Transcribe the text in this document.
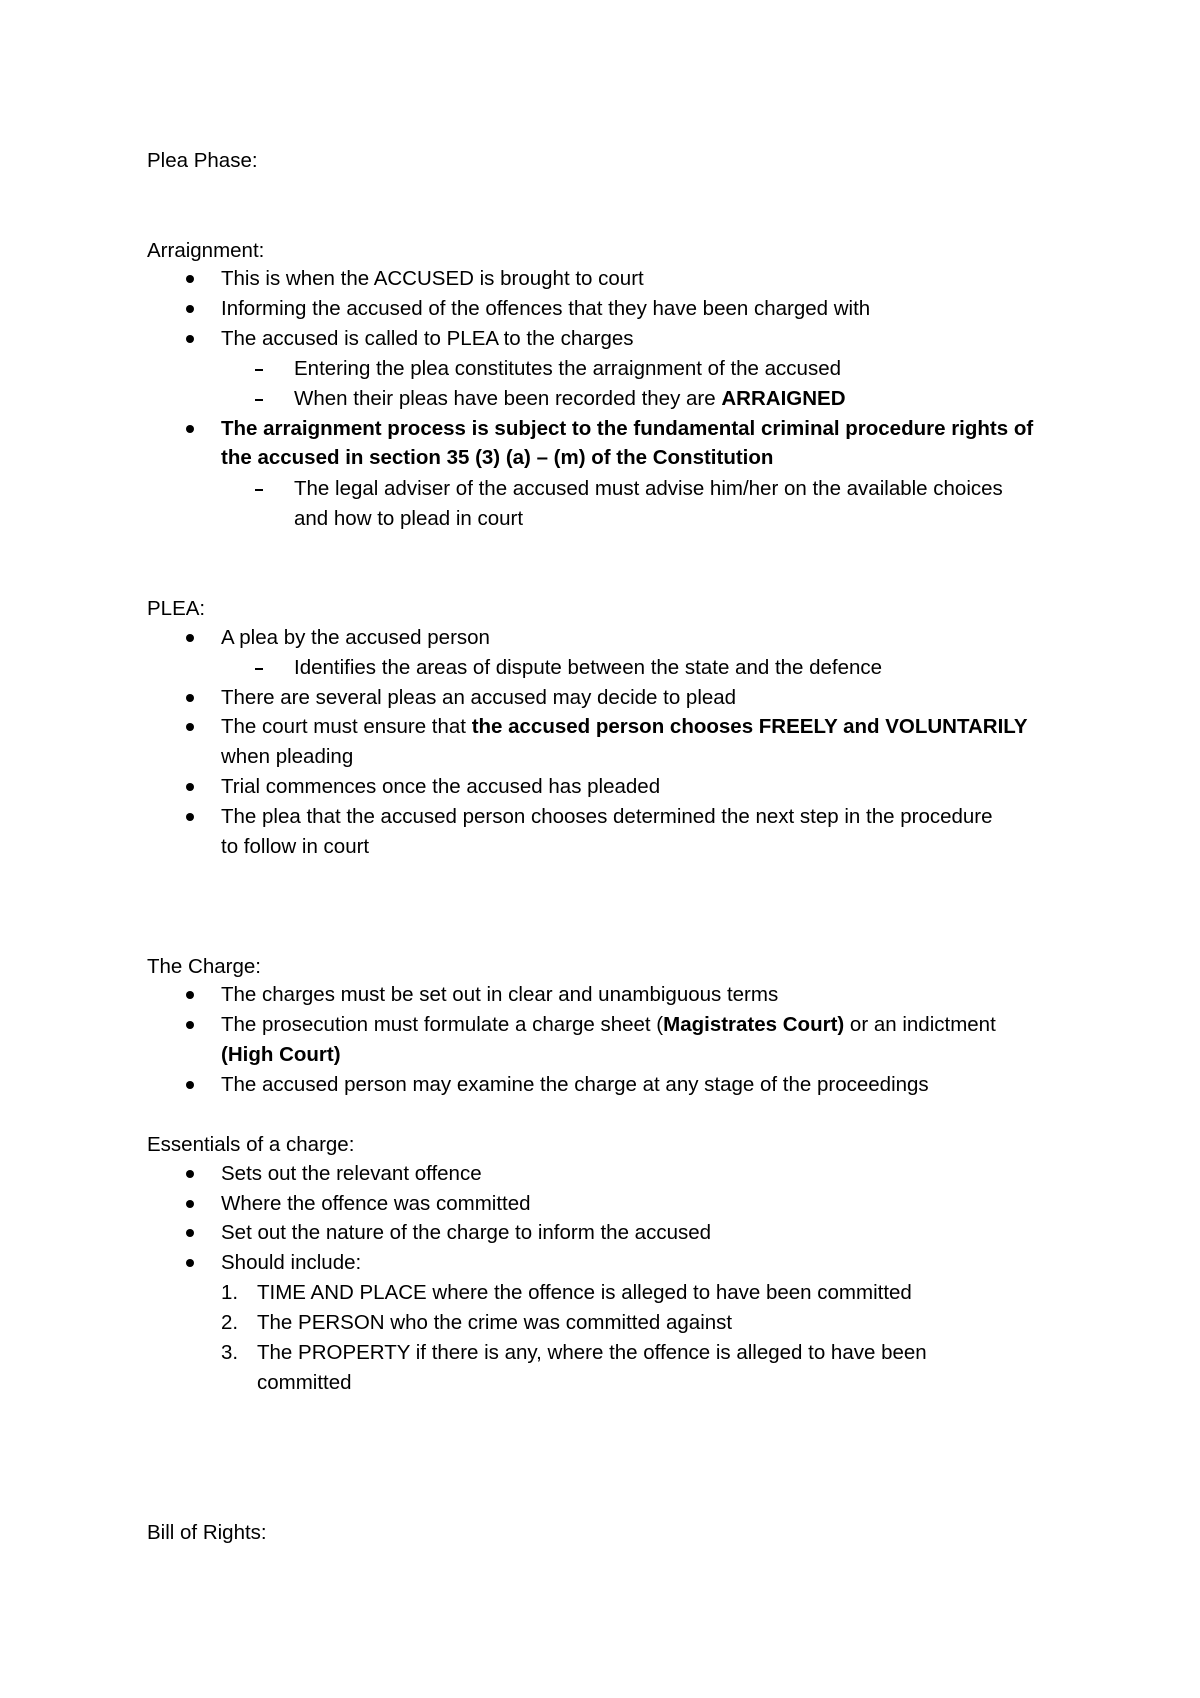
Plea Phase:
Arraignment:
This is when the ACCUSED is brought to court
Informing the accused of the offences that they have been charged with
The accused is called to PLEA to the charges
Entering the plea constitutes the arraignment of the accused
When their pleas have been recorded they are ARRAIGNED
The arraignment process is subject to the fundamental criminal procedure rights of
the accused in section 35 (3) (a) – (m) of the Constitution
The legal adviser of the accused must advise him/her on the available choices
and how to plead in court
PLEA:
A plea by the accused person
Identifies the areas of dispute between the state and the defence
There are several pleas an accused may decide to plead
The court must ensure that the accused person chooses FREELY and VOLUNTARILY
when pleading
Trial commences once the accused has pleaded
The plea that the accused person chooses determined the next step in the procedure
to follow in court
The Charge:
The charges must be set out in clear and unambiguous terms
The prosecution must formulate a charge sheet (Magistrates Court) or an indictment
(High Court)
The accused person may examine the charge at any stage of the proceedings
Essentials of a charge:
Sets out the relevant offence
Where the offence was committed
Set out the nature of the charge to inform the accused
Should include:
1. TIME AND PLACE where the offence is alleged to have been committed
2. The PERSON who the crime was committed against
3. The PROPERTY if there is any, where the offence is alleged to have been
committed
Bill of Rights:
